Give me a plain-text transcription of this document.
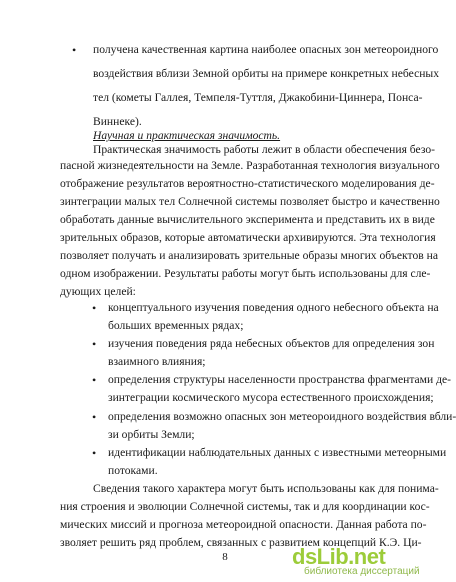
• получена качественная картина наиболее опасных зон метеороидного
воздействия вблизи Земной орбиты на примере конкретных небесных
тел (кометы Галлея, Темпеля-Туттля, Джакобини-Циннера, Понса-
Виннеке).
Научная и практическая значимость.
Практическая значимость работы лежит в области обеспечения безо-
пасной жизнедеятельности на Земле. Разработанная технология визуального
отображение результатов вероятностно-статистического моделирования де-
зинтеграции малых тел Солнечной системы позволяет быстро и качественно
обработать данные вычислительного эксперимента и представить их в виде
зрительных образов, которые автоматически архивируются. Эта технология
позволяет получать и анализировать зрительные образы многих объектов на
одном изображении. Результаты работы могут быть использованы для сле-
дующих целей:
• концептуального изучения поведения одного небесного объекта на
больших временных рядах;
• изучения поведения ряда небесных объектов для определения зон
взаимного влияния;
• определения структуры населенности пространства фрагментами де-
зинтеграции космического мусора естественного происхождения;
• определения возможно опасных зон метеороидного воздействия вбли-
зи орбиты Земли;
• идентификации наблюдательных данных с известными метеорными
потоками.
Сведения такого характера могут быть использованы как для понима-
ния строения и эволюции Солнечной системы, так и для координации кос-
мических миссий и прогноза метеороидной опасности. Данная работа по-
зволяет решить ряд проблем, связанных с развитием концепций К.Э. Ци-
8	dsLib.net
библиотека диссертаций
